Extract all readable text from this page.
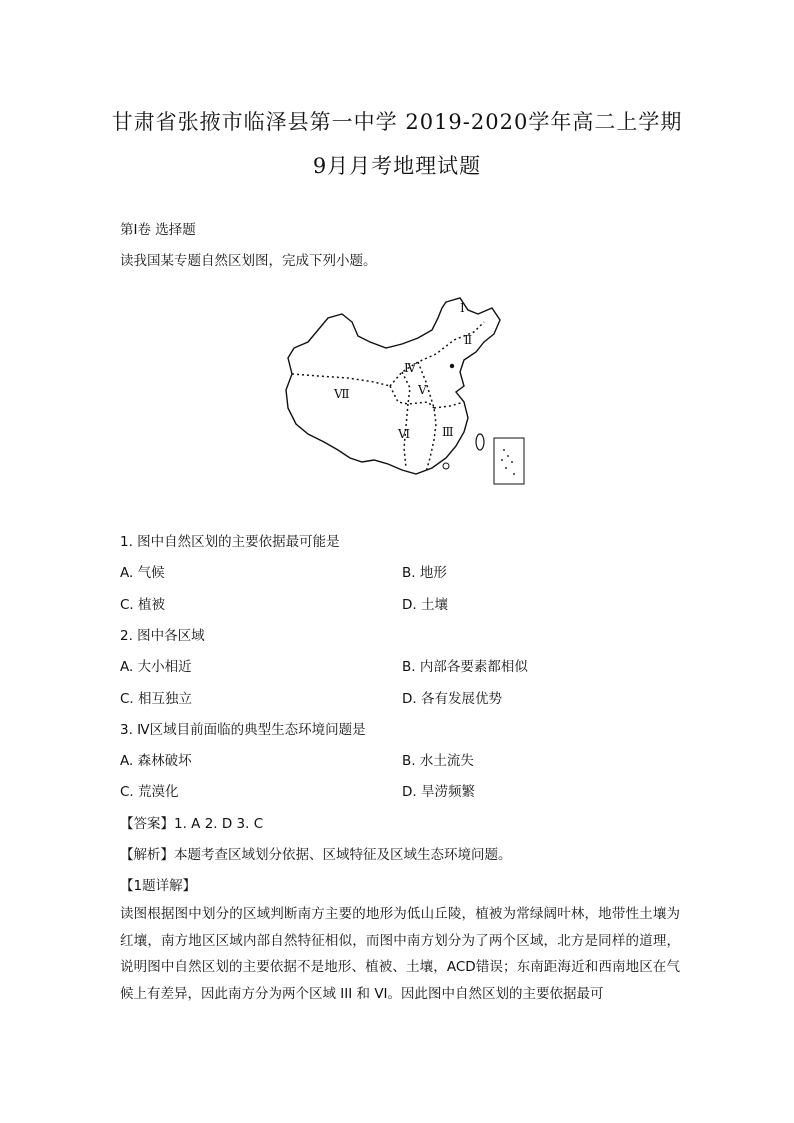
甘肃省张掖市临泽县第一中学 2019-2020学年高二上学期
9月月考地理试题
第Ⅰ卷 选择题
读我国某专题自然区划图，完成下列小题。
Ⅰ
Ⅱ
Ⅲ
Ⅳ
Ⅴ
Ⅵ
Ⅶ
1. 图中自然区划的主要依据最可能是
A. 气候	B. 地形
C. 植被	D. 土壤
2. 图中各区域
A. 大小相近	B. 内部各要素都相似
C. 相互独立	D. 各有发展优势
3. Ⅳ区域目前面临的典型生态环境问题是
A. 森林破坏	B. 水土流失
C. 荒漠化	D. 旱涝频繁
【答案】1. A 2. D 3. C
【解析】本题考查区域划分依据、区域特征及区域生态环境问题。
【1题详解】
读图根据图中划分的区域判断南方主要的地形为低山丘陵，植被为常绿阔叶林，地带性土壤为红壤，南方地区区域内部自然特征相似，而图中南方划分为了两个区域，北方是同样的道理，说明图中自然区划的主要依据不是地形、植被、土壤，ACD错误；东南距海近和西南地区在气候上有差异，因此南方分为两个区域 III 和 VI。因此图中自然区划的主要依据最可
